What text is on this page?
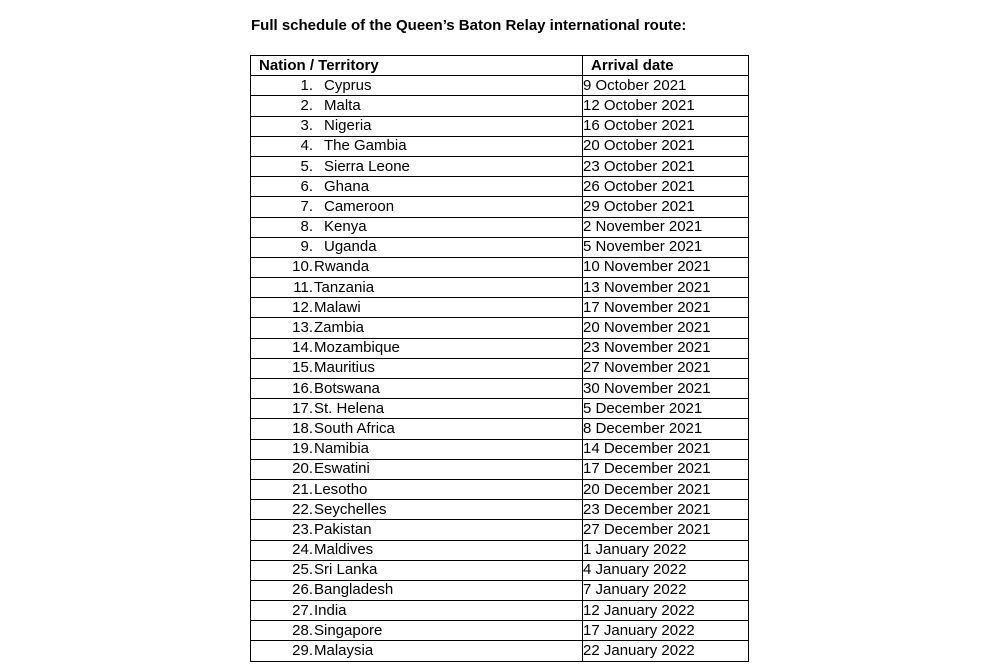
Full schedule of the Queen’s Baton Relay international route:
Nation / Territory	Arrival date
1. Cyprus	9 October 2021
2. Malta	12 October 2021
3. Nigeria	16 October 2021
4. The Gambia	20 October 2021
5. Sierra Leone	23 October 2021
6. Ghana	26 October 2021
7. Cameroon	29 October 2021
8. Kenya	2 November 2021
9. Uganda	5 November 2021
10.Rwanda	10 November 2021
11.Tanzania	13 November 2021
12.Malawi	17 November 2021
13.Zambia	20 November 2021
14.Mozambique	23 November 2021
15.Mauritius	27 November 2021
16.Botswana	30 November 2021
17.St. Helena	5 December 2021
18.South Africa	8 December 2021
19.Namibia	14 December 2021
20.Eswatini	17 December 2021
21.Lesotho	20 December 2021
22.Seychelles	23 December 2021
23.Pakistan	27 December 2021
24.Maldives	1 January 2022
25.Sri Lanka	4 January 2022
26.Bangladesh	7 January 2022
27.India	12 January 2022
28.Singapore	17 January 2022
29.Malaysia	22 January 2022
